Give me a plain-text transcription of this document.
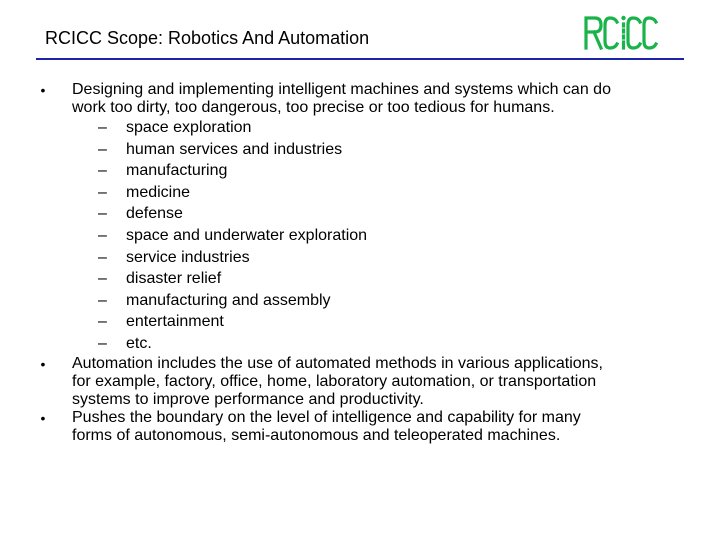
RCICC Scope: Robotics And Automation
• Designing and implementing intelligent machines and systems which can do
work too dirty, too dangerous, too precise or too tedious for humans.
– space exploration
– human services and industries
– manufacturing
– medicine
– defense
– space and underwater exploration
– service industries
– disaster relief
– manufacturing and assembly
– entertainment
– etc.
• Automation includes the use of automated methods in various applications,
for example, factory, office, home, laboratory automation, or transportation
systems to improve performance and productivity.
• Pushes the boundary on the level of intelligence and capability for many
forms of autonomous, semi-autonomous and teleoperated machines.
